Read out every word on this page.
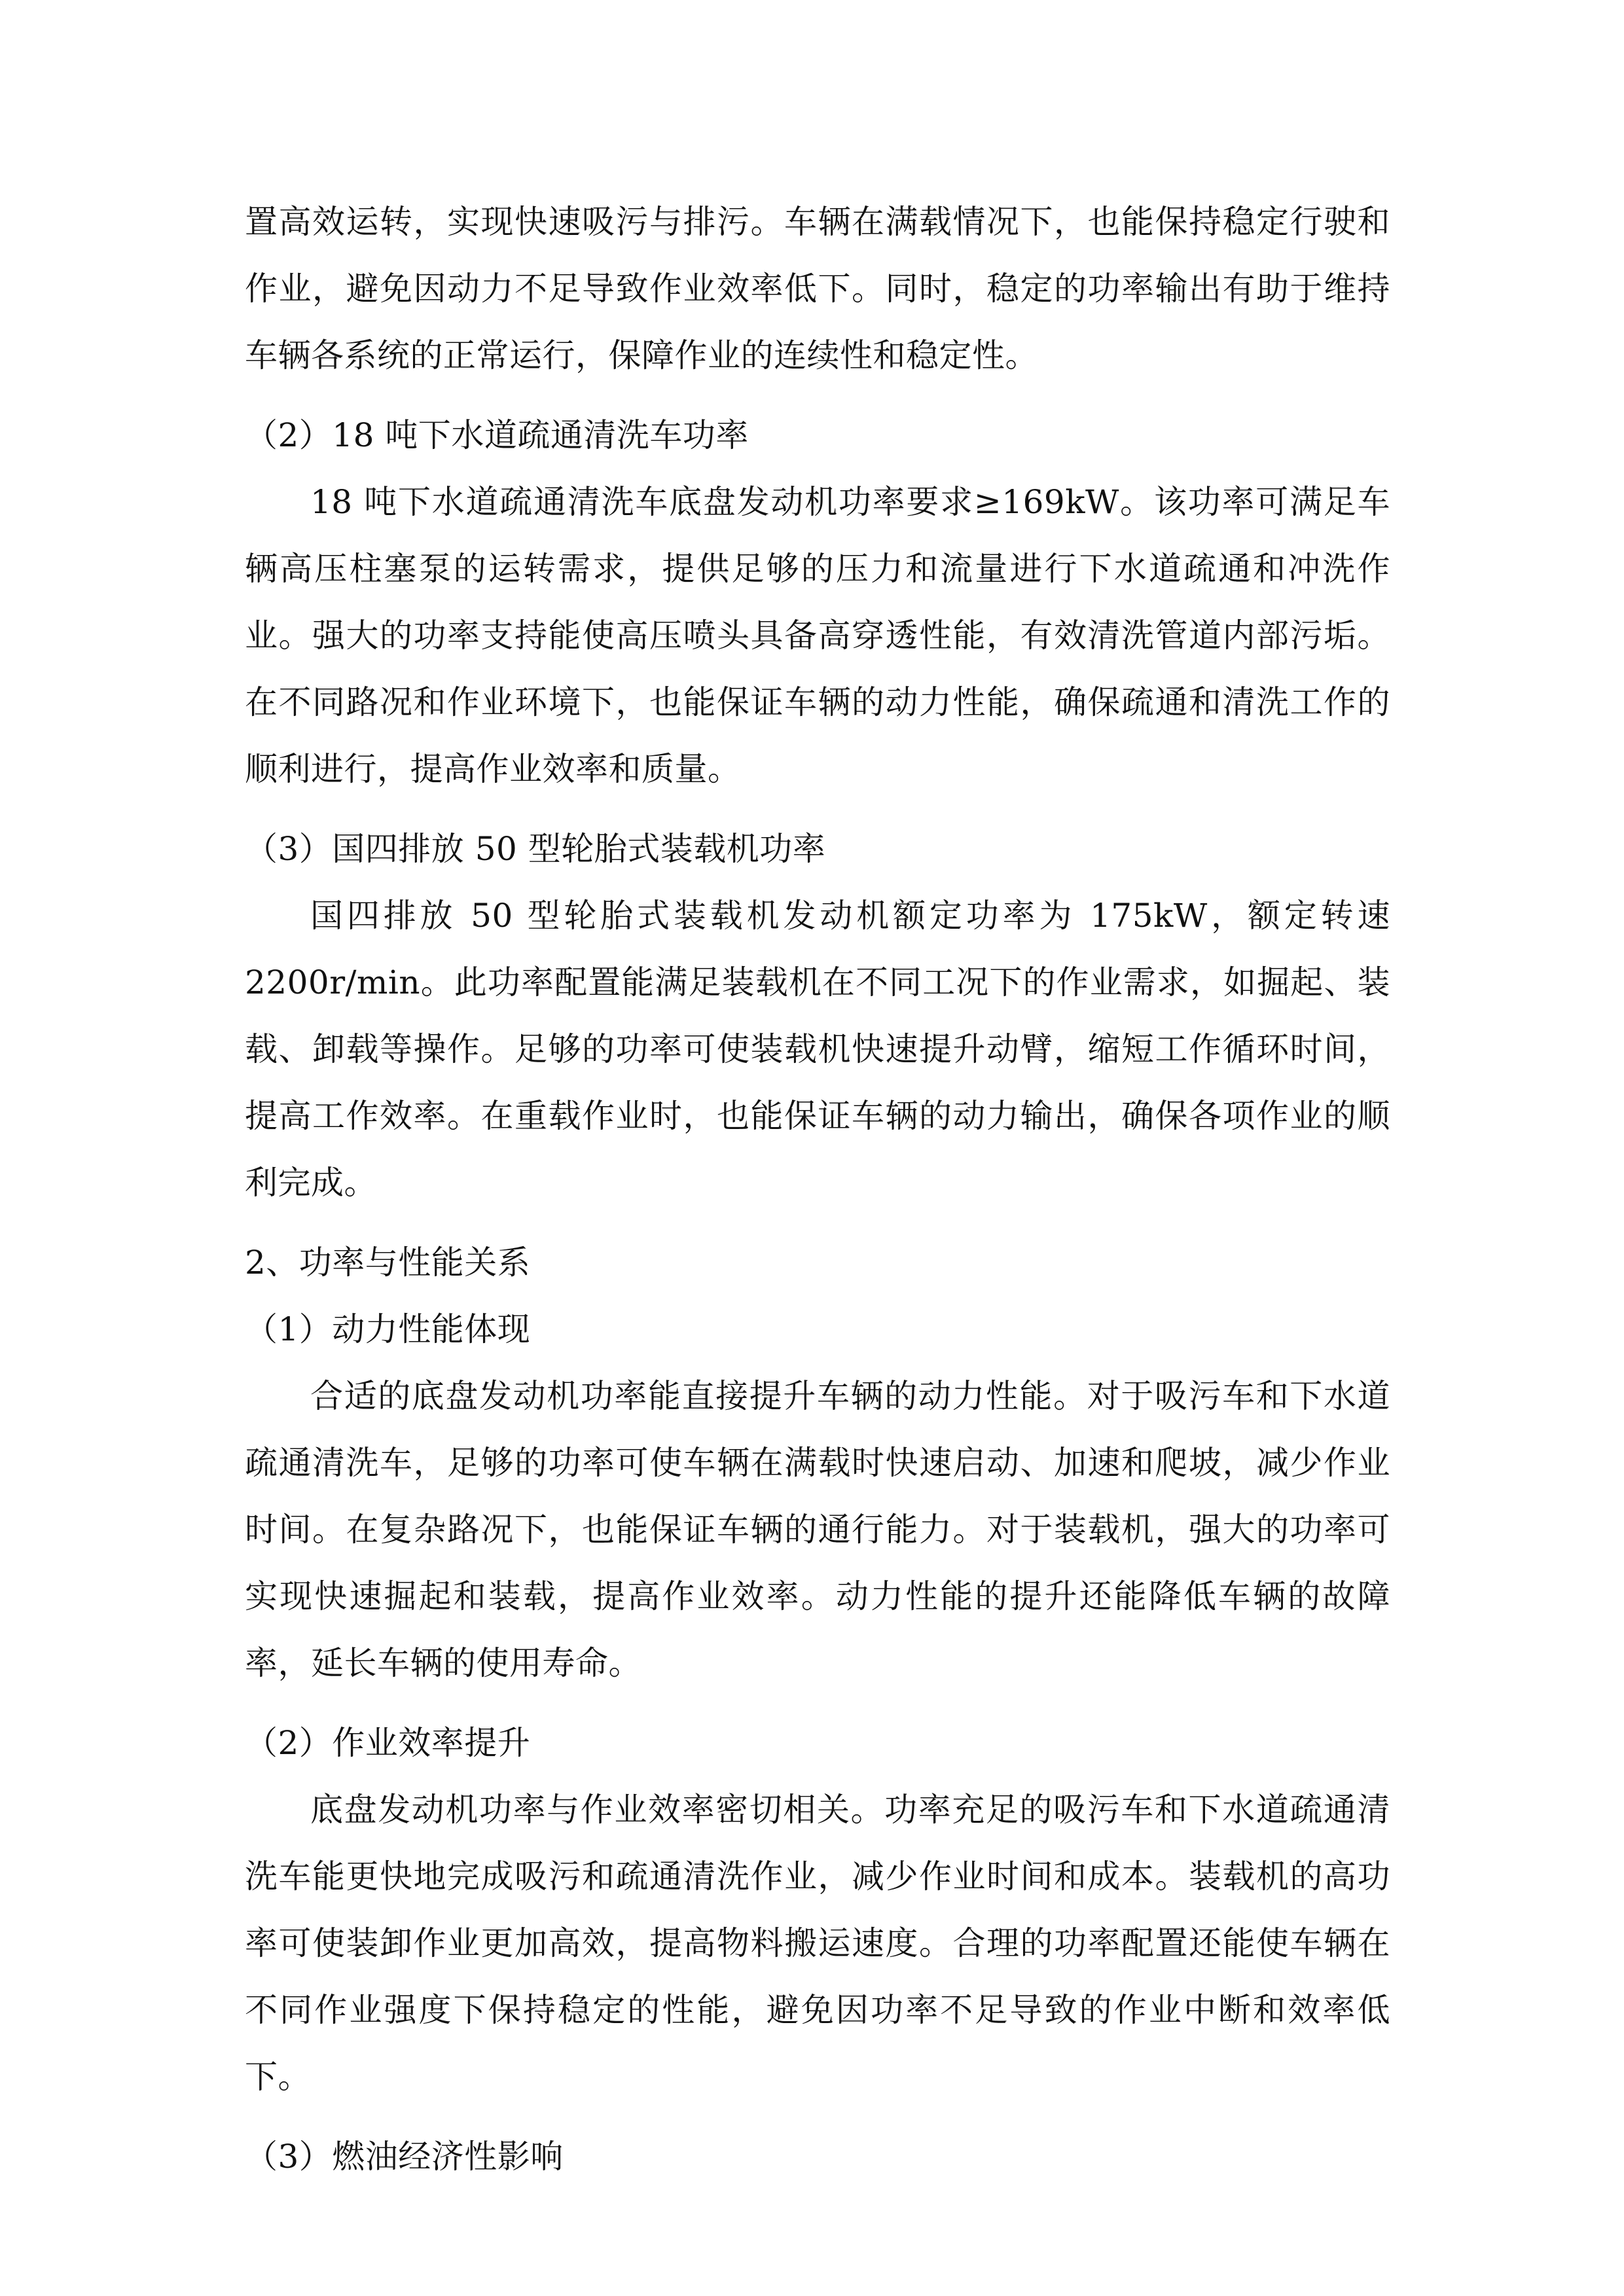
置高效运转，实现快速吸污与排污。车辆在满载情况下，也能保持稳定行驶和作业，避免因动力不足导致作业效率低下。同时，稳定的功率输出有助于维持车辆各系统的正常运行，保障作业的连续性和稳定性。

（2）18 吨下水道疏通清洗车功率

18 吨下水道疏通清洗车底盘发动机功率要求≥169kW。该功率可满足车辆高压柱塞泵的运转需求，提供足够的压力和流量进行下水道疏通和冲洗作业。强大的功率支持能使高压喷头具备高穿透性能，有效清洗管道内部污垢。在不同路况和作业环境下，也能保证车辆的动力性能，确保疏通和清洗工作的顺利进行，提高作业效率和质量。

（3）国四排放 50 型轮胎式装载机功率

国四排放 50 型轮胎式装载机发动机额定功率为 175kW，额定转速 2200r/min。此功率配置能满足装载机在不同工况下的作业需求，如掘起、装载、卸载等操作。足够的功率可使装载机快速提升动臂，缩短工作循环时间，提高工作效率。在重载作业时，也能保证车辆的动力输出，确保各项作业的顺利完成。

2、功率与性能关系

（1）动力性能体现

合适的底盘发动机功率能直接提升车辆的动力性能。对于吸污车和下水道疏通清洗车，足够的功率可使车辆在满载时快速启动、加速和爬坡，减少作业时间。在复杂路况下，也能保证车辆的通行能力。对于装载机，强大的功率可实现快速掘起和装载，提高作业效率。动力性能的提升还能降低车辆的故障率，延长车辆的使用寿命。

（2）作业效率提升

底盘发动机功率与作业效率密切相关。功率充足的吸污车和下水道疏通清洗车能更快地完成吸污和疏通清洗作业，减少作业时间和成本。装载机的高功率可使装卸作业更加高效，提高物料搬运速度。合理的功率配置还能使车辆在不同作业强度下保持稳定的性能，避免因功率不足导致的作业中断和效率低下。

（3）燃油经济性影响
